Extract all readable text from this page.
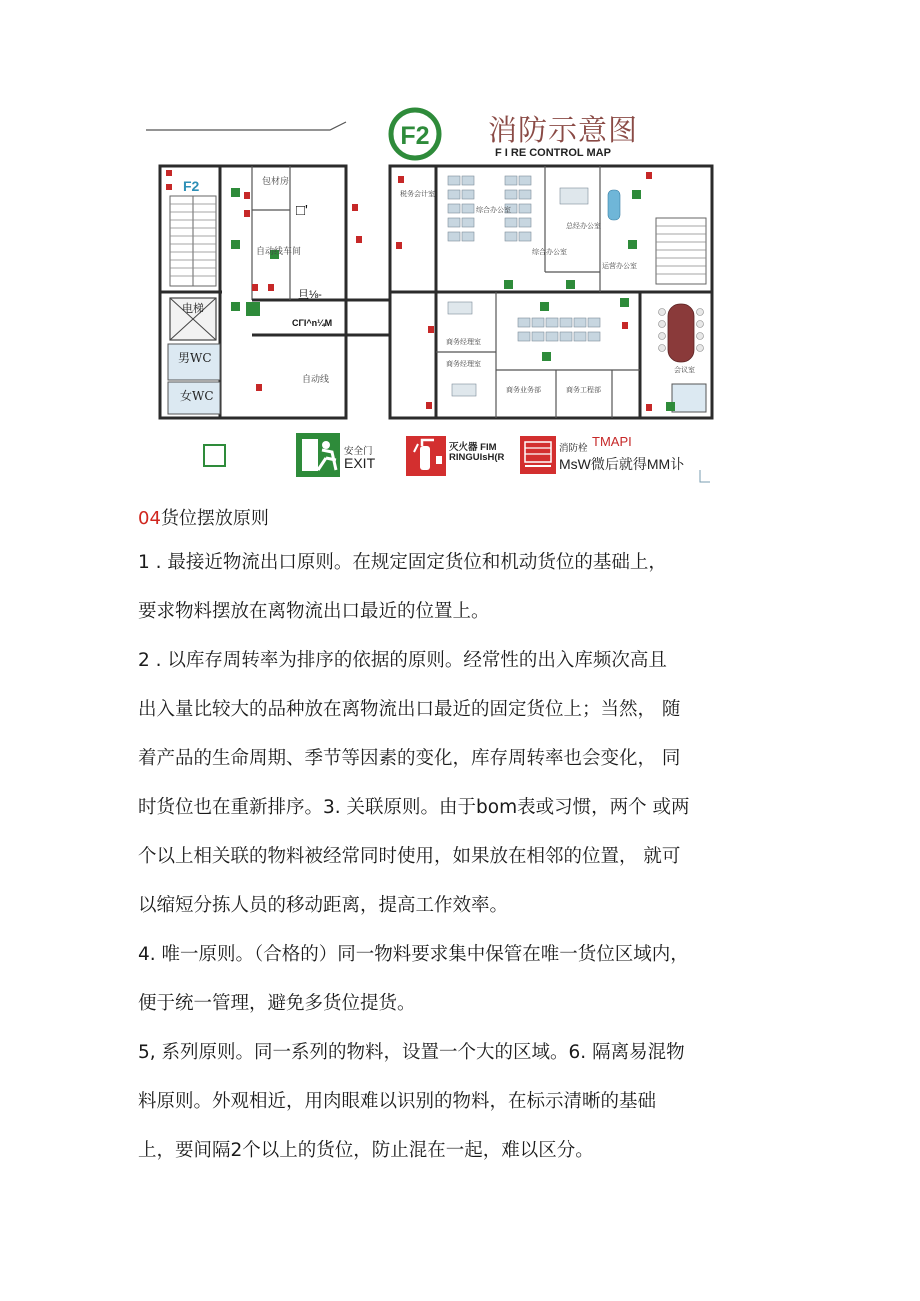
包材房
自动线车间
电梯
男WC
女WC
自动线
税务会计室
综合办公室
综合办公室
总经办公室
运营办公室
商务经理室
商务经理室
商务业务部	商务工程部
会议室
F2 消防示意图
F I RE CONTROL MAP
F2
□'
旦⅛-
CΓI^n¼M
安全门
EXIT
灭火器 FIM
RINGUIsH(R
消防栓 TMAPI
MsW微后就得MM讣
04货位摆放原则

1 . 最接近物流出口原则。在规定固定货位和机动货位的基础上，

要求物料摆放在离物流出口最近的位置上。

2 . 以库存周转率为排序的依据的原则。经常性的出入库频次高且

出入量比较大的品种放在离物流出口最近的固定货位上；当然， 随

着产品的生命周期、季节等因素的变化，库存周转率也会变化， 同

时货位也在重新排序。3. 关联原则。由于bom表或习惯，两个 或两

个以上相关联的物料被经常同时使用，如果放在相邻的位置， 就可

以缩短分拣人员的移动距离，提高工作效率。

4. 唯一原则。（合格的）同一物料要求集中保管在唯一货位区域内，

便于统一管理，避免多货位提货。

5, 系列原则。同一系列的物料，设置一个大的区域。6. 隔离易混物

料原则。外观相近，用肉眼难以识别的物料，在标示清晰的基础

上，要间隔2个以上的货位，防止混在一起，难以区分。
